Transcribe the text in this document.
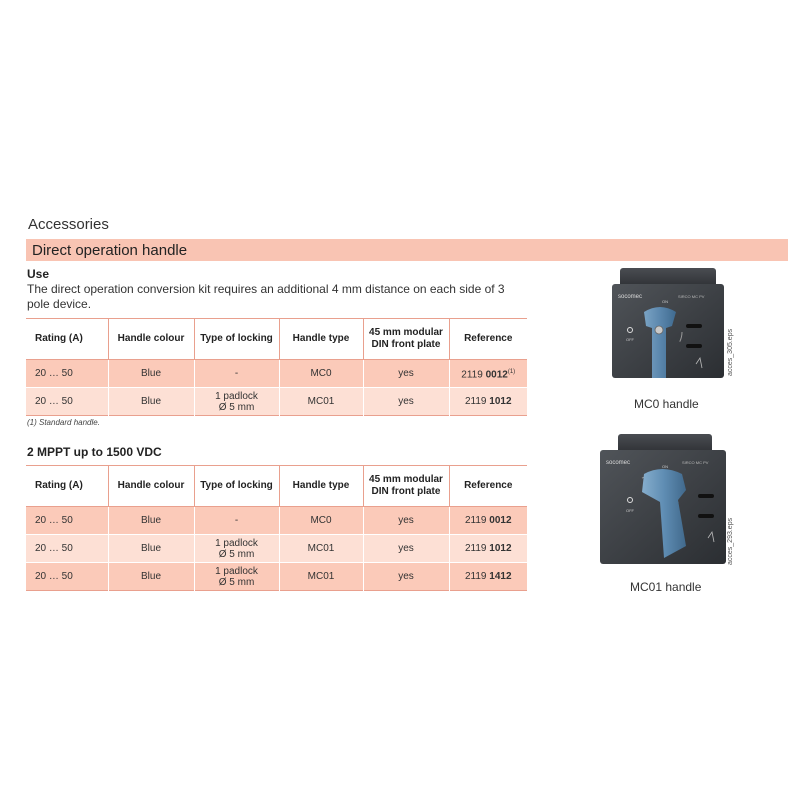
Accessories
Direct operation handle
Use
The direct operation conversion kit requires an additional 4 mm distance on each side of 3 pole device.
Rating (A)	Handle colour	Type of locking	Handle type	45 mm modular DIN front plate	Reference
20 … 50	Blue	-	MC0	yes	2119 0012$^{(1)}$
20 … 50	Blue	1 padlock Ø 5 mm	MC01	yes	2119 1012
(1) Standard handle.
2 MPPT up to 1500 VDC
Rating (A)	Handle colour	Type of locking	Handle type	45 mm modular DIN front plate	Reference
20 … 50	Blue	-	MC0	yes	2119 0012
20 … 50	Blue	1 padlock Ø 5 mm	MC01	yes	2119 1012
20 … 50	Blue	1 padlock Ø 5 mm	MC01	yes	2119 1412
socomec	SIRCO MC PV
ON
OFF	acces_305.eps
MC0 handle
socomec	SIRCO MC PV
ON
OFF
acces_293.eps
MC01 handle
